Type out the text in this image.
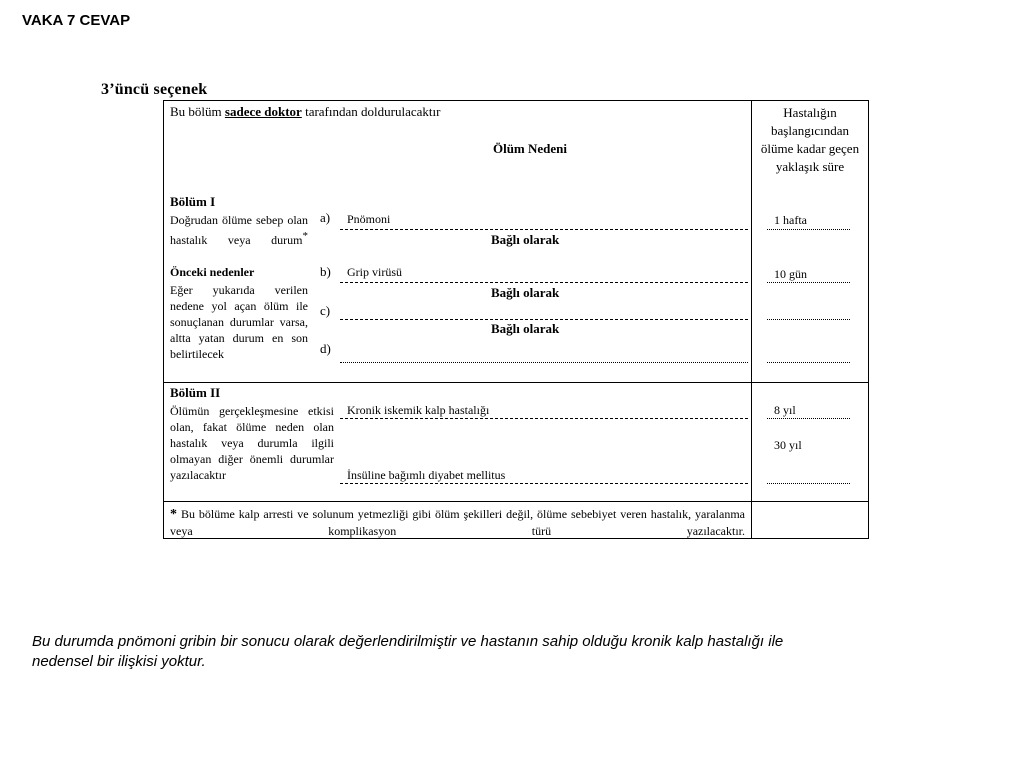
VAKA 7 CEVAP
3’üncü seçenek
Bu bölüm sadece doktor tarafından doldurulacaktır
Ölüm Nedeni
Hastalığın başlangıcından ölüme kadar geçen yaklaşık süre
Bölüm I
Doğrudan ölüme sebep olan hastalık veya durum*
Önceki nedenler
Eğer yukarıda verilen nedene yol açan ölüm ile sonuçlanan durumlar varsa, altta yatan durum en son belirtilecek
a)
b)
c)
d)
Pnömoni
Grip virüsü
Bağlı olarak
Bağlı olarak
Bağlı olarak
1 hafta
10 gün
Bölüm II
Ölümün gerçekleşmesine etkisi olan, fakat ölüme neden olan hastalık veya durumla ilgili olmayan diğer önemli durumlar yazılacaktır
Kronik iskemik kalp hastalığı
İnsüline bağımlı diyabet mellitus
8 yıl
30 yıl
* Bu bölüme kalp arresti ve solunum yetmezliği gibi ölüm şekilleri değil, ölüme sebebiyet veren hastalık, yaralanma veya komplikasyon türü yazılacaktır.
Bu durumda pnömoni gribin bir sonucu olarak değerlendirilmiştir ve hastanın sahip olduğu kronik kalp hastalığı ile nedensel bir ilişkisi yoktur.
